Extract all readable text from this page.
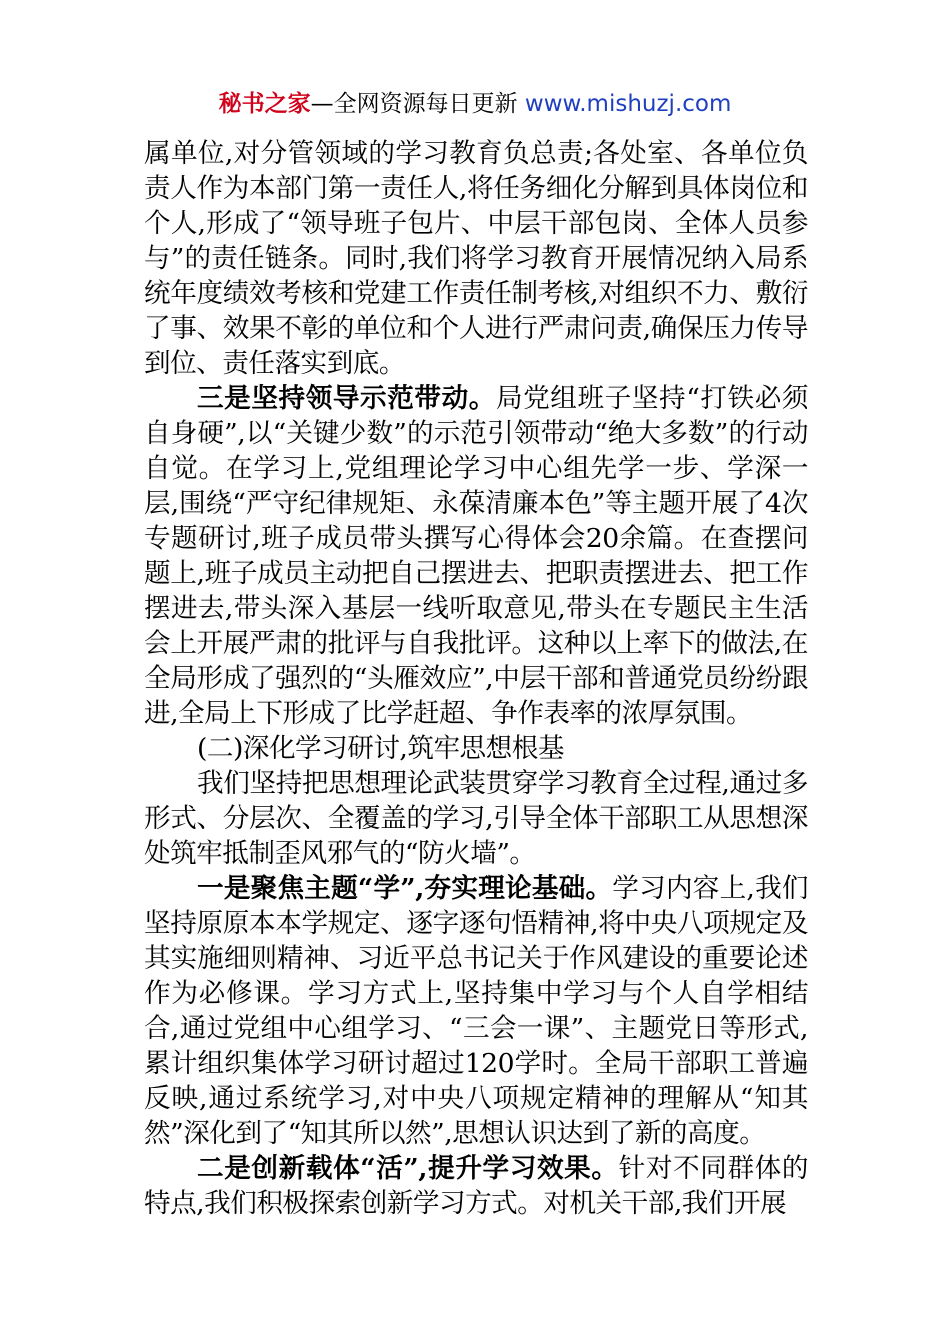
秘书之家—全网资源每日更新 www.mishuzj.com

属单位,对分管领域的学习教育负总责;各处室、各单位负责人作为本部门第一责任人,将任务细化分解到具体岗位和个人,形成了“领导班子包片、中层干部包岗、全体人员参与”的责任链条。同时,我们将学习教育开展情况纳入局系统年度绩效考核和党建工作责任制考核,对组织不力、敷衍了事、效果不彰的单位和个人进行严肃问责,确保压力传导到位、责任落实到底。

三是坚持领导示范带动。局党组班子坚持“打铁必须自身硬”,以“关键少数”的示范引领带动“绝大多数”的行动自觉。在学习上,党组理论学习中心组先学一步、学深一层,围绕“严守纪律规矩、永葆清廉本色”等主题开展了4次专题研讨,班子成员带头撰写心得体会20余篇。在查摆问题上,班子成员主动把自己摆进去、把职责摆进去、把工作摆进去,带头深入基层一线听取意见,带头在专题民主生活会上开展严肃的批评与自我批评。这种以上率下的做法,在全局形成了强烈的“头雁效应”,中层干部和普通党员纷纷跟进,全局上下形成了比学赶超、争作表率的浓厚氛围。

(二)深化学习研讨,筑牢思想根基

我们坚持把思想理论武装贯穿学习教育全过程,通过多形式、分层次、全覆盖的学习,引导全体干部职工从思想深处筑牢抵制歪风邪气的“防火墙”。

一是聚焦主题“学”,夯实理论基础。学习内容上,我们坚持原原本本学规定、逐字逐句悟精神,将中央八项规定及其实施细则精神、习近平总书记关于作风建设的重要论述作为必修课。学习方式上,坚持集中学习与个人自学相结合,通过党组中心组学习、“三会一课”、主题党日等形式,累计组织集体学习研讨超过120学时。全局干部职工普遍反映,通过系统学习,对中央八项规定精神的理解从“知其然”深化到了“知其所以然”,思想认识达到了新的高度。

二是创新载体“活”,提升学习效果。针对不同群体的特点,我们积极探索创新学习方式。对机关干部,我们开展
